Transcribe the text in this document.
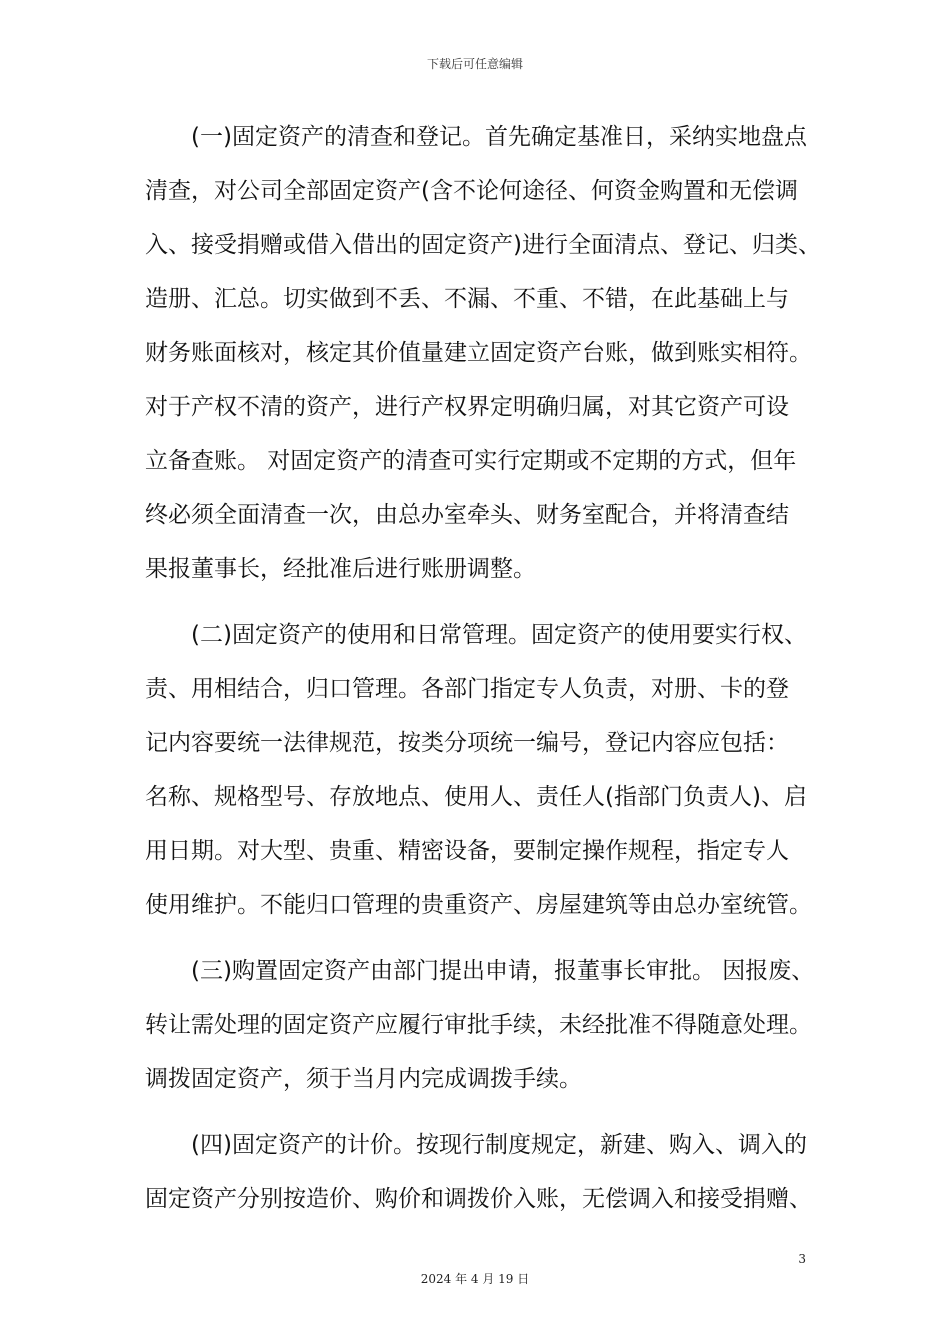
下载后可任意编辑

(一)固定资产的清查和登记。首先确定基准日，采纳实地盘点
清查，对公司全部固定资产(含不论何途径、何资金购置和无偿调
入、接受捐赠或借入借出的固定资产)进行全面清点、登记、归类、
造册、汇总。切实做到不丢、不漏、不重、不错，在此基础上与
财务账面核对，核定其价值量建立固定资产台账，做到账实相符。
对于产权不清的资产，进行产权界定明确归属，对其它资产可设
立备查账。 对固定资产的清查可实行定期或不定期的方式，但年
终必须全面清查一次，由总办室牵头、财务室配合，并将清查结
果报董事长，经批准后进行账册调整。

(二)固定资产的使用和日常管理。固定资产的使用要实行权、
责、用相结合，归口管理。各部门指定专人负责，对册、卡的登
记内容要统一法律规范，按类分项统一编号，登记内容应包括：
名称、规格型号、存放地点、使用人、责任人(指部门负责人)、启
用日期。对大型、贵重、精密设备，要制定操作规程，指定专人
使用维护。不能归口管理的贵重资产、房屋建筑等由总办室统管。

(三)购置固定资产由部门提出申请，报董事长审批。 因报废、
转让需处理的固定资产应履行审批手续，未经批准不得随意处理。
调拨固定资产，须于当月内完成调拨手续。

(四)固定资产的计价。按现行制度规定，新建、购入、调入的
固定资产分别按造价、购价和调拨价入账，无偿调入和接受捐赠、

3
2024 年 4 月 19 日
